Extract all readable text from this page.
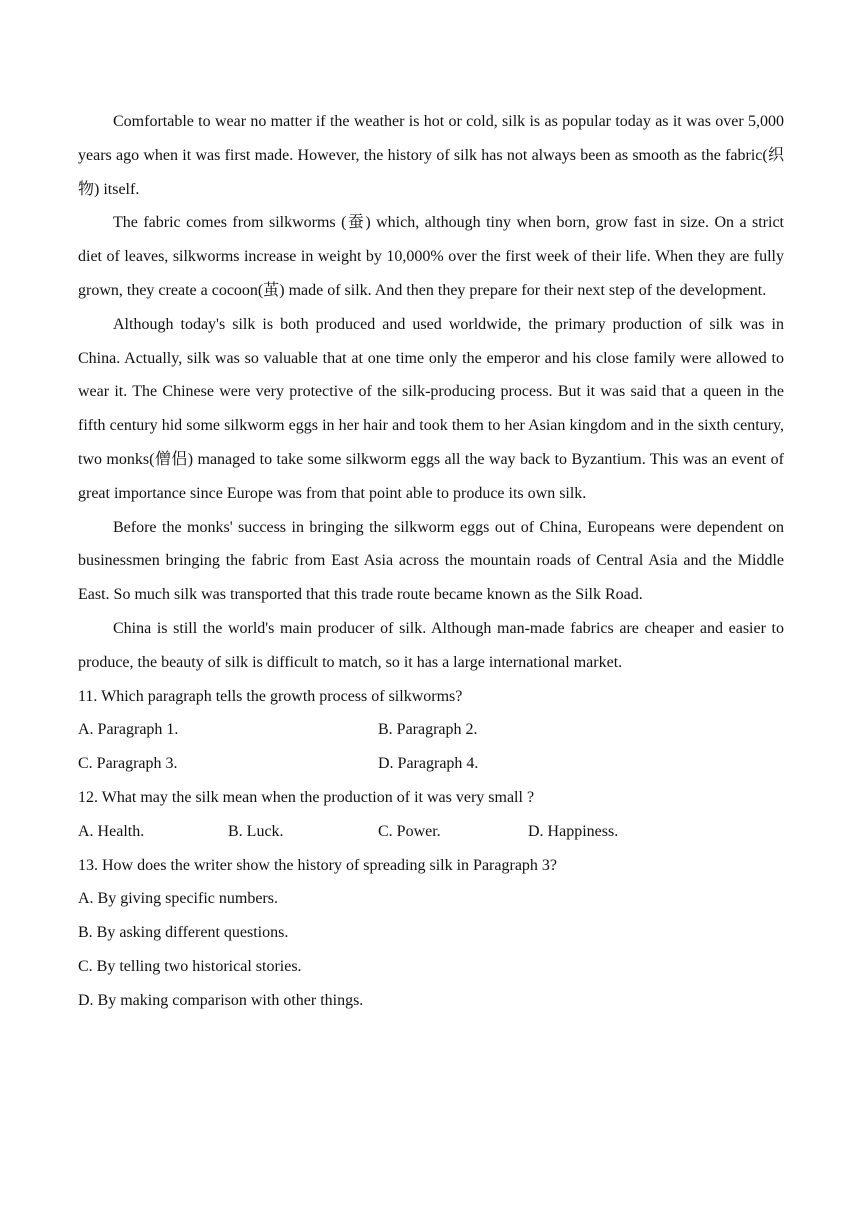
Comfortable to wear no matter if the weather is hot or cold, silk is as popular today as it was over 5,000 years ago when it was first made. However, the history of silk has not always been as smooth as the fabric(织物) itself.

The fabric comes from silkworms (蚕) which, although tiny when born, grow fast in size. On a strict diet of leaves, silkworms increase in weight by 10,000% over the first week of their life. When they are fully grown, they create a cocoon(茧) made of silk. And then they prepare for their next step of the development.

Although today's silk is both produced and used worldwide, the primary production of silk was in China. Actually, silk was so valuable that at one time only the emperor and his close family were allowed to wear it. The Chinese were very protective of the silk-producing process. But it was said that a queen in the fifth century hid some silkworm eggs in her hair and took them to her Asian kingdom and in the sixth century, two monks(僧侣) managed to take some silkworm eggs all the way back to Byzantium. This was an event of great importance since Europe was from that point able to produce its own silk.

Before the monks' success in bringing the silkworm eggs out of China, Europeans were dependent on businessmen bringing the fabric from East Asia across the mountain roads of Central Asia and the Middle East. So much silk was transported that this trade route became known as the Silk Road.

China is still the world's main producer of silk. Although man-made fabrics are cheaper and easier to produce, the beauty of silk is difficult to match, so it has a large international market.

11. Which paragraph tells the growth process of silkworms?

A. Paragraph 1.	B. Paragraph 2.
C. Paragraph 3.	D. Paragraph 4.

12. What may the silk mean when the production of it was very small ?

A. Health.	B. Luck.	C. Power.	D. Happiness.

13. How does the writer show the history of spreading silk in Paragraph 3?

A. By giving specific numbers.

B. By asking different questions.

C. By telling two historical stories.

D. By making comparison with other things.
